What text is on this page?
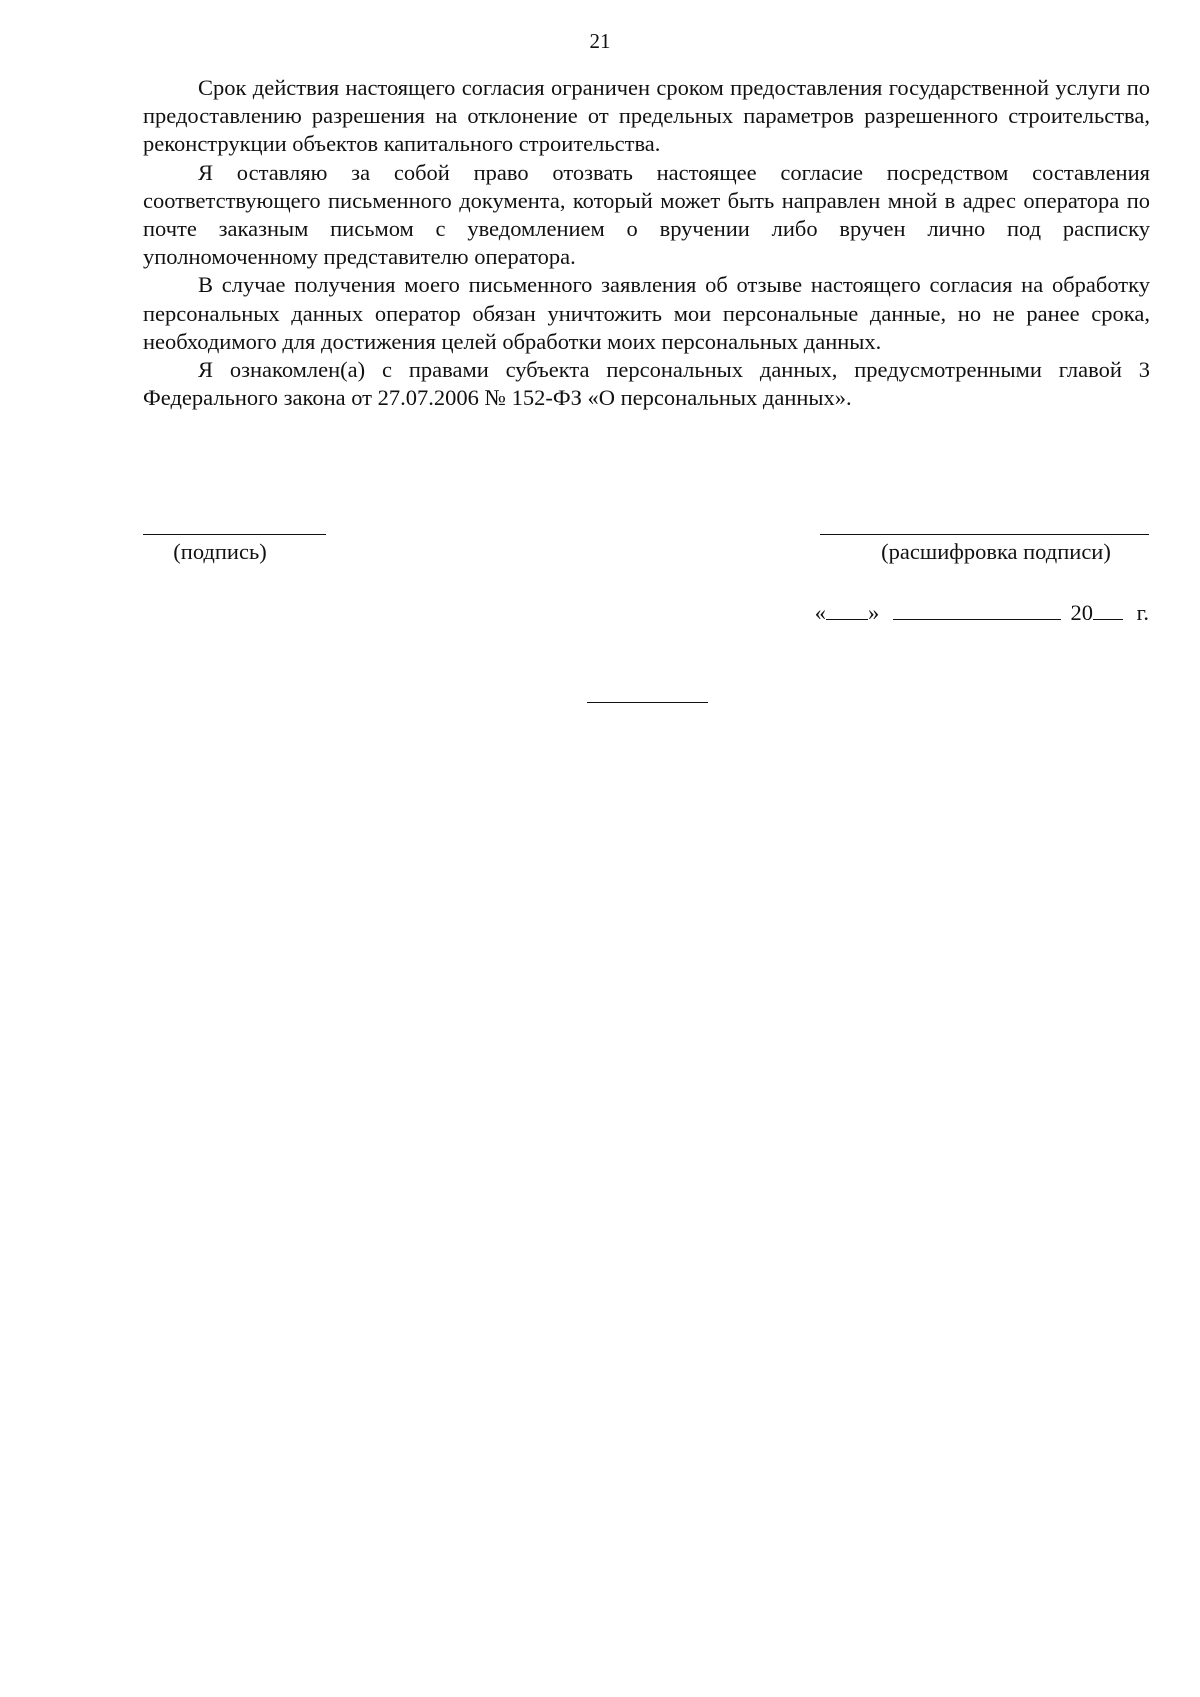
21

Срок действия настоящего согласия ограничен сроком предоставления государственной услуги по предоставлению разрешения на отклонение от предельных параметров разрешенного строительства, реконструкции объектов капитального строительства.

Я оставляю за собой право отозвать настоящее согласие посредством составления соответствующего письменного документа, который может быть направлен мной в адрес оператора по почте заказным письмом с уведомлением о вручении либо вручен лично под расписку уполномоченному представителю оператора.

В случае получения моего письменного заявления об отзыве настоящего согласия на обработку персональных данных оператор обязан уничтожить мои персональные данные, но не ранее срока, необходимого для достижения целей обработки моих персональных данных.

Я ознакомлен(а) с правами субъекта персональных данных, предусмотренными главой 3 Федерального закона от 27.07.2006 № 152-ФЗ «О персональных данных».

(подпись)	(расшифровка подписи)
« »	20 г.
